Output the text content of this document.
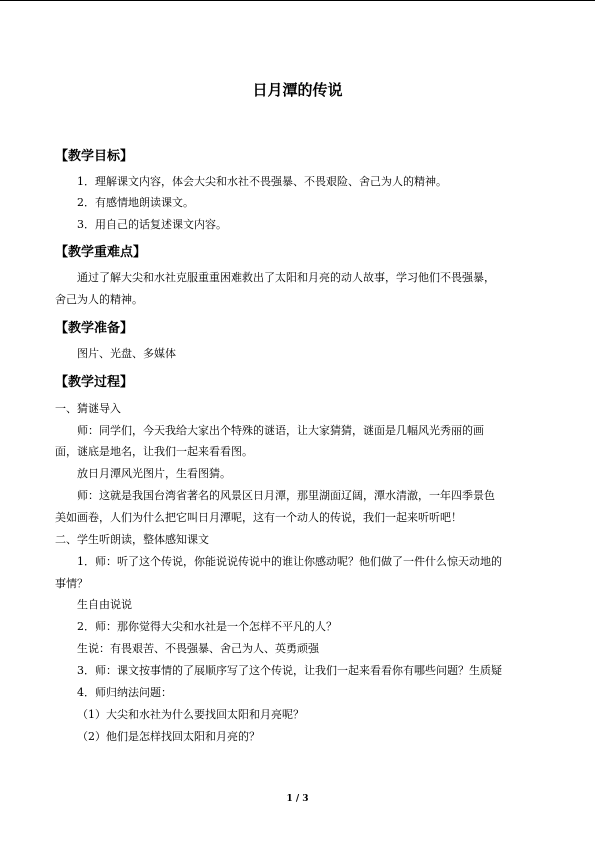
日月潭的传说
【教学目标】
1．理解课文内容，体会大尖和水社不畏强暴、不畏艰险、舍己为人的精神。
2．有感情地朗读课文。
3．用自己的话复述课文内容。
【教学重难点】
通过了解大尖和水社克服重重困难救出了太阳和月亮的动人故事，学习他们不畏强暴，
舍己为人的精神。
【教学准备】
图片、光盘、多媒体
【教学过程】
一、猜谜导入
师：同学们，今天我给大家出个特殊的谜语，让大家猜猜，谜面是几幅风光秀丽的画
面，谜底是地名，让我们一起来看看图。
放日月潭风光图片，生看图猜。
师：这就是我国台湾省著名的风景区日月潭，那里湖面辽阔，潭水清澈，一年四季景色
美如画卷，人们为什么把它叫日月潭呢，这有一个动人的传说，我们一起来听听吧！
二、学生听朗读，整体感知课文
1．师：听了这个传说，你能说说传说中的谁让你感动呢？他们做了一件什么惊天动地的
事情？
生自由说说
2．师：那你觉得大尖和水社是一个怎样不平凡的人？
生说：有畏艰苦、不畏强暴、舍己为人、英勇顽强
3．师：课文按事情的了展顺序写了这个传说，让我们一起来看看你有哪些问题？生质疑
4．师归纳法问题：
（1）大尖和水社为什么要找回太阳和月亮呢？
（2）他们是怎样找回太阳和月亮的？
1 / 3
